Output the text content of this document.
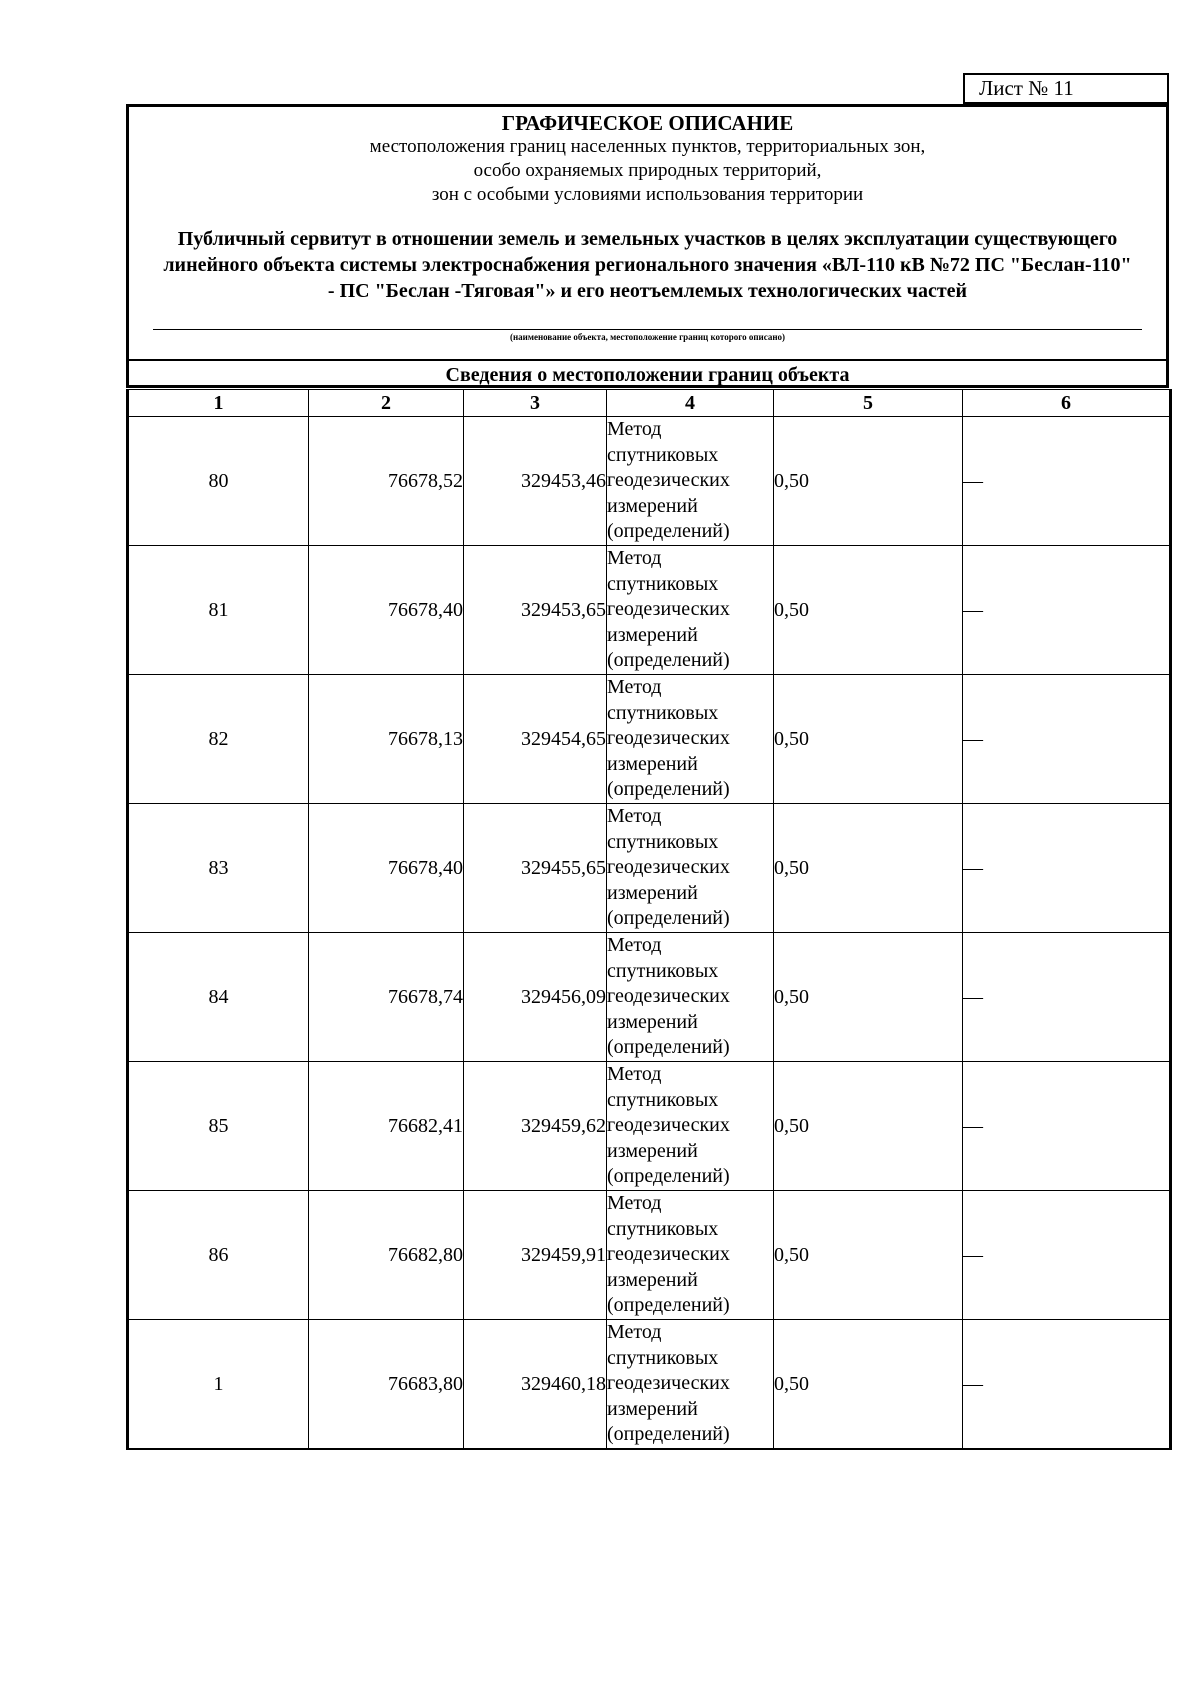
Лист № 11
ГРАФИЧЕСКОЕ ОПИСАНИЕ
местоположения границ населенных пунктов, территориальных зон,
особо охраняемых природных территорий,
зон с особыми условиями использования территории
Публичный сервитут в отношении земель и земельных участков в целях эксплуатации существующего линейного объекта системы электроснабжения регионального значения «ВЛ-110 кВ №72 ПС "Беслан-110" - ПС "Беслан -Тяговая"» и его неотъемлемых технологических частей
(наименование объекта, местоположение границ которого описано)
Сведения о местоположении границ объекта
1	2	3	4	5	6
80	76678,52	329453,46	Метод спутниковых геодезических измерений (определений)	0,50	—
81	76678,40	329453,65	Метод спутниковых геодезических измерений (определений)	0,50	—
82	76678,13	329454,65	Метод спутниковых геодезических измерений (определений)	0,50	—
83	76678,40	329455,65	Метод спутниковых геодезических измерений (определений)	0,50	—
84	76678,74	329456,09	Метод спутниковых геодезических измерений (определений)	0,50	—
85	76682,41	329459,62	Метод спутниковых геодезических измерений (определений)	0,50	—
86	76682,80	329459,91	Метод спутниковых геодезических измерений (определений)	0,50	—
1	76683,80	329460,18	Метод спутниковых геодезических измерений (определений)	0,50	—
